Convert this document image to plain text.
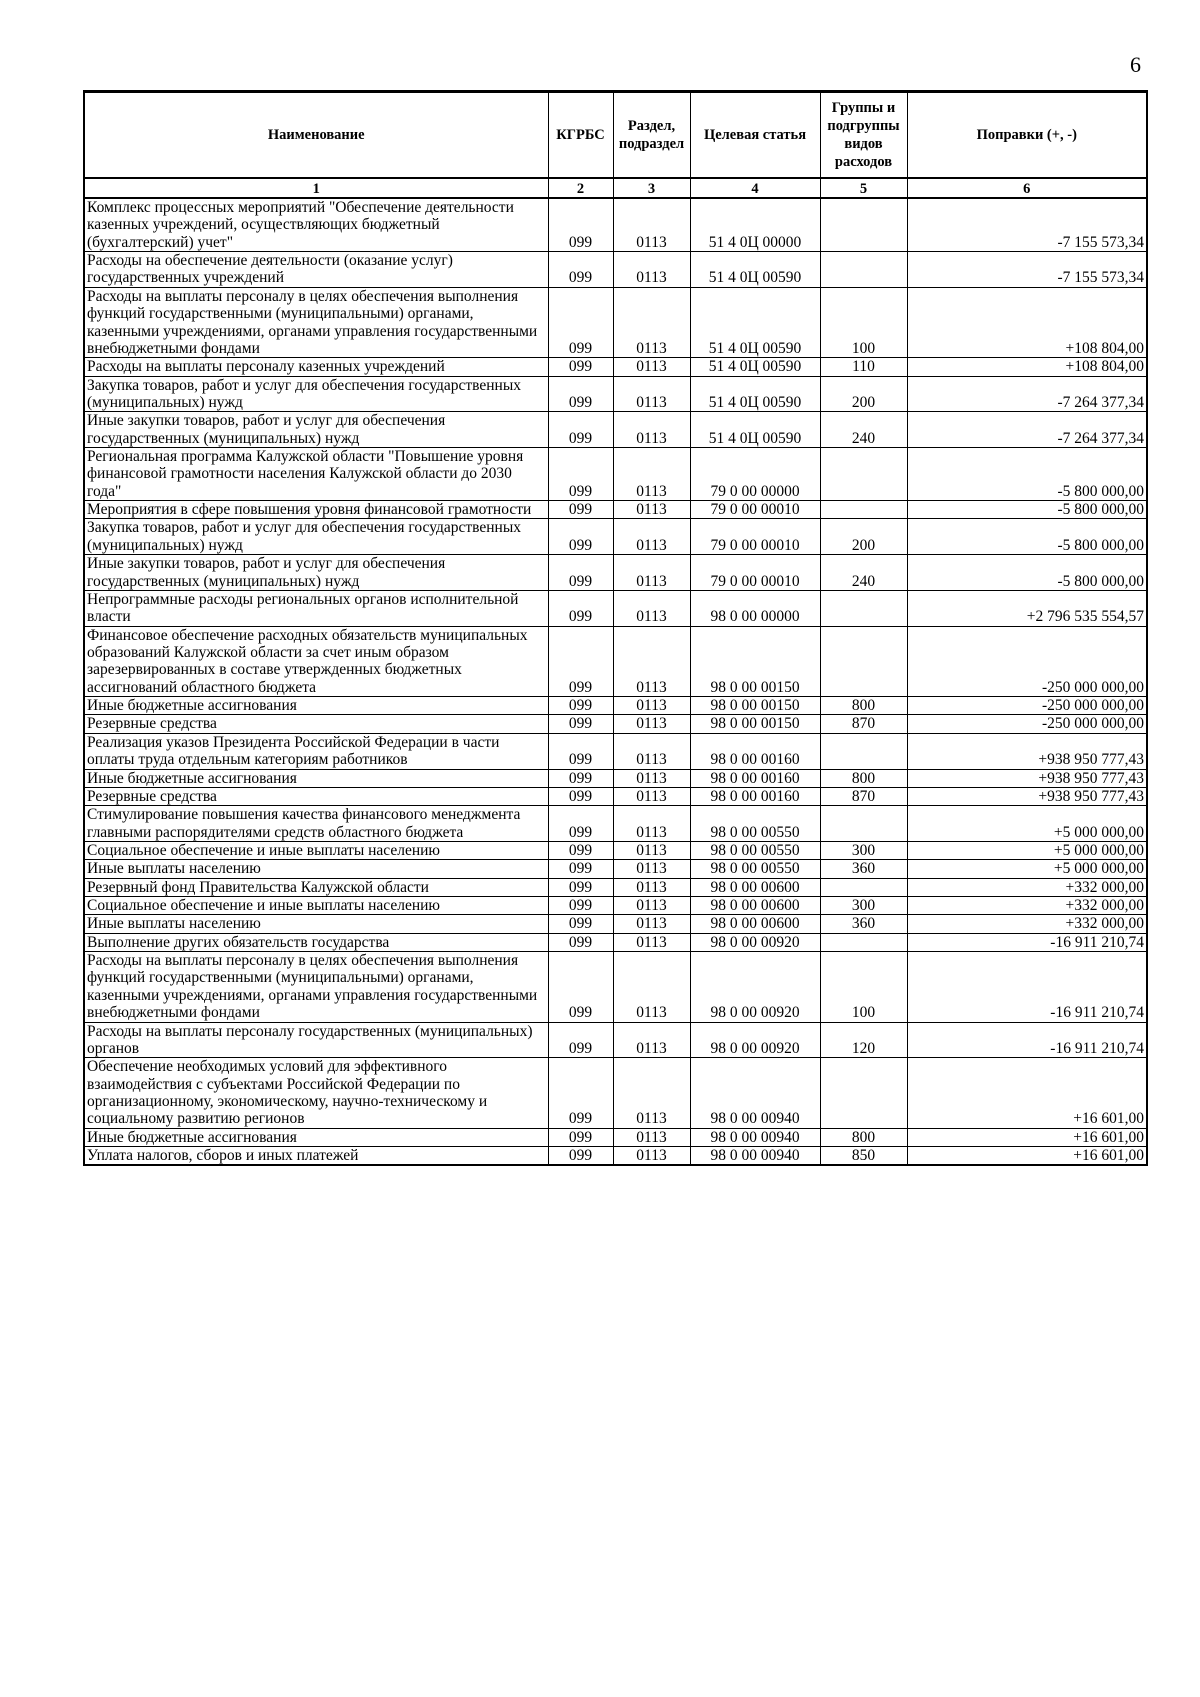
6
Наименование	КГРБС	Раздел, подраздел	Целевая статья	Группы и подгруппы видов расходов	Поправки (+, -)
1	2	3	4	5	6
Комплекс процессных мероприятий "Обеспечение деятельности казенных учреждений, осуществляющих бюджетный (бухгалтерский) учет"	099	0113	51 4 0Ц 00000		-7 155 573,34
Расходы на обеспечение деятельности (оказание услуг) государственных учреждений	099	0113	51 4 0Ц 00590		-7 155 573,34
Расходы на выплаты персоналу в целях обеспечения выполнения функций государственными (муниципальными) органами, казенными учреждениями, органами управления государственными внебюджетными фондами	099	0113	51 4 0Ц 00590	100	+108 804,00
Расходы на выплаты персоналу казенных учреждений	099	0113	51 4 0Ц 00590	110	+108 804,00
Закупка товаров, работ и услуг для обеспечения государственных (муниципальных) нужд	099	0113	51 4 0Ц 00590	200	-7 264 377,34
Иные закупки товаров, работ и услуг для обеспечения государственных (муниципальных) нужд	099	0113	51 4 0Ц 00590	240	-7 264 377,34
Региональная программа Калужской области "Повышение уровня финансовой грамотности населения Калужской области до 2030 года"	099	0113	79 0 00 00000		-5 800 000,00
Мероприятия в сфере повышения уровня финансовой грамотности	099	0113	79 0 00 00010		-5 800 000,00
Закупка товаров, работ и услуг для обеспечения государственных (муниципальных) нужд	099	0113	79 0 00 00010	200	-5 800 000,00
Иные закупки товаров, работ и услуг для обеспечения государственных (муниципальных) нужд	099	0113	79 0 00 00010	240	-5 800 000,00
Непрограммные расходы региональных органов исполнительной власти	099	0113	98 0 00 00000		+2 796 535 554,57
Финансовое обеспечение расходных обязательств муниципальных образований Калужской области за счет иным образом зарезервированных в составе утвержденных бюджетных ассигнований областного бюджета	099	0113	98 0 00 00150		-250 000 000,00
Иные бюджетные ассигнования	099	0113	98 0 00 00150	800	-250 000 000,00
Резервные средства	099	0113	98 0 00 00150	870	-250 000 000,00
Реализация указов Президента Российской Федерации в части оплаты труда отдельным категориям работников	099	0113	98 0 00 00160		+938 950 777,43
Иные бюджетные ассигнования	099	0113	98 0 00 00160	800	+938 950 777,43
Резервные средства	099	0113	98 0 00 00160	870	+938 950 777,43
Стимулирование повышения качества финансового менеджмента главными распорядителями средств областного бюджета	099	0113	98 0 00 00550		+5 000 000,00
Социальное обеспечение и иные выплаты населению	099	0113	98 0 00 00550	300	+5 000 000,00
Иные выплаты населению	099	0113	98 0 00 00550	360	+5 000 000,00
Резервный фонд Правительства Калужской области	099	0113	98 0 00 00600		+332 000,00
Социальное обеспечение и иные выплаты населению	099	0113	98 0 00 00600	300	+332 000,00
Иные выплаты населению	099	0113	98 0 00 00600	360	+332 000,00
Выполнение других обязательств государства	099	0113	98 0 00 00920		-16 911 210,74
Расходы на выплаты персоналу в целях обеспечения выполнения функций государственными (муниципальными) органами, казенными учреждениями, органами управления государственными внебюджетными фондами	099	0113	98 0 00 00920	100	-16 911 210,74
Расходы на выплаты персоналу государственных (муниципальных) органов	099	0113	98 0 00 00920	120	-16 911 210,74
Обеспечение необходимых условий для эффективного взаимодействия с субъектами Российской Федерации по организационному, экономическому, научно-техническому и социальному развитию регионов	099	0113	98 0 00 00940		+16 601,00
Иные бюджетные ассигнования	099	0113	98 0 00 00940	800	+16 601,00
Уплата налогов, сборов и иных платежей	099	0113	98 0 00 00940	850	+16 601,00
